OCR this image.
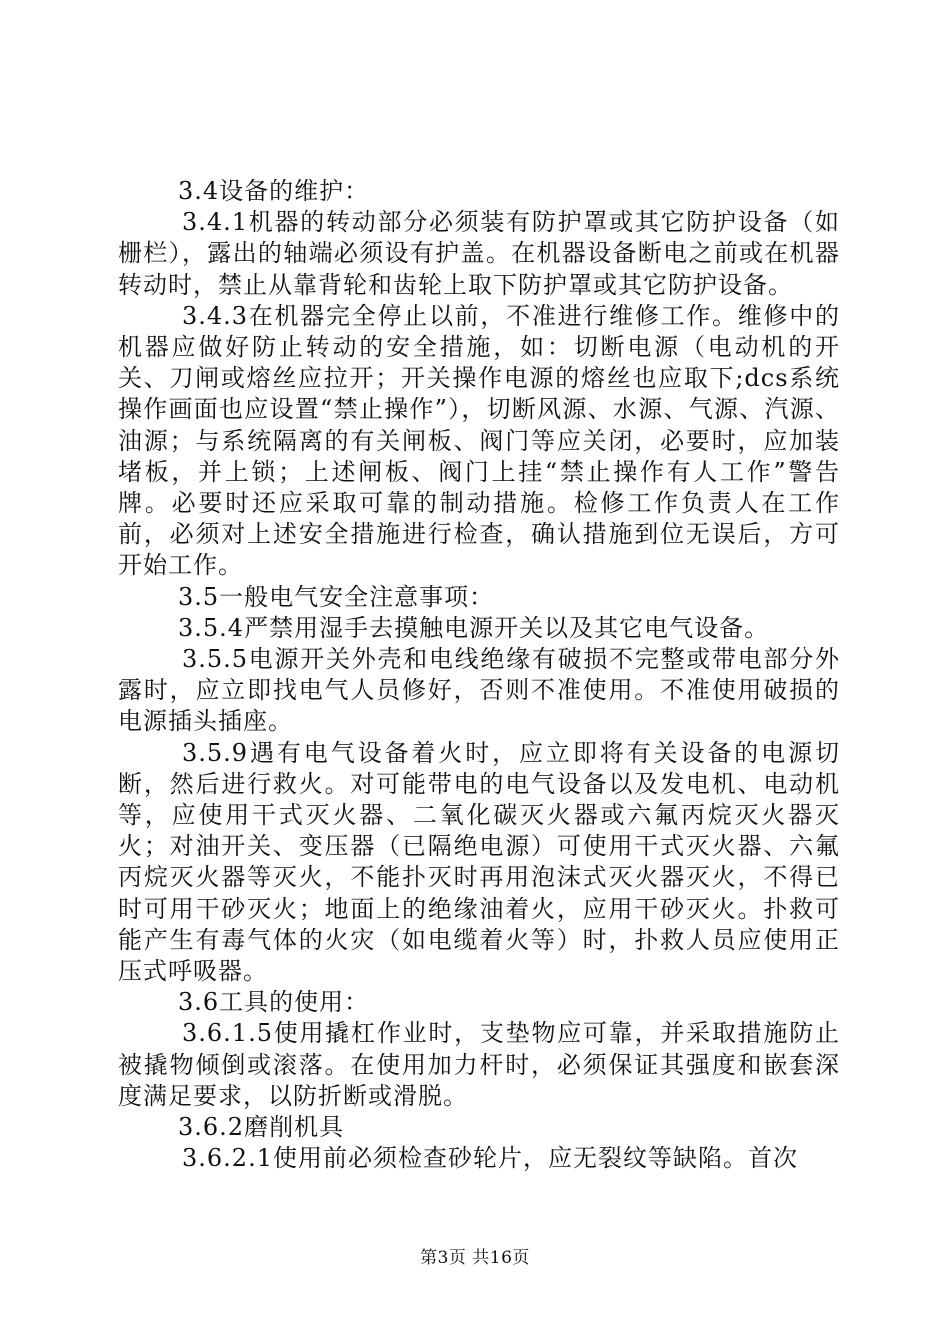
3.4设备的维护：

3.4.1机器的转动部分必须装有防护罩或其它防护设备（如栅栏），露出的轴端必须设有护盖。在机器设备断电之前或在机器转动时，禁止从靠背轮和齿轮上取下防护罩或其它防护设备。

3.4.3在机器完全停止以前，不准进行维修工作。维修中的机器应做好防止转动的安全措施，如：切断电源（电动机的开关、刀闸或熔丝应拉开；开关操作电源的熔丝也应取下;dcs系统操作画面也应设置“禁止操作”），切断风源、水源、气源、汽源、油源；与系统隔离的有关闸板、阀门等应关闭，必要时，应加装堵板，并上锁；上述闸板、阀门上挂“禁止操作有人工作”警告牌。必要时还应采取可靠的制动措施。检修工作负责人在工作前，必须对上述安全措施进行检查，确认措施到位无误后，方可开始工作。

3.5一般电气安全注意事项：

3.5.4严禁用湿手去摸触电源开关以及其它电气设备。

3.5.5电源开关外壳和电线绝缘有破损不完整或带电部分外露时，应立即找电气人员修好，否则不准使用。不准使用破损的电源插头插座。

3.5.9遇有电气设备着火时，应立即将有关设备的电源切断，然后进行救火。对可能带电的电气设备以及发电机、电动机等，应使用干式灭火器、二氧化碳灭火器或六氟丙烷灭火器灭火；对油开关、变压器（已隔绝电源）可使用干式灭火器、六氟丙烷灭火器等灭火，不能扑灭时再用泡沫式灭火器灭火，不得已时可用干砂灭火；地面上的绝缘油着火，应用干砂灭火。扑救可能产生有毒气体的火灾（如电缆着火等）时，扑救人员应使用正压式呼吸器。

3.6工具的使用：

3.6.1.5使用撬杠作业时，支垫物应可靠，并采取措施防止被撬物倾倒或滚落。在使用加力杆时，必须保证其强度和嵌套深度满足要求，以防折断或滑脱。

3.6.2磨削机具

3.6.2.1使用前必须检查砂轮片，应无裂纹等缺陷。首次

第3页 共16页
